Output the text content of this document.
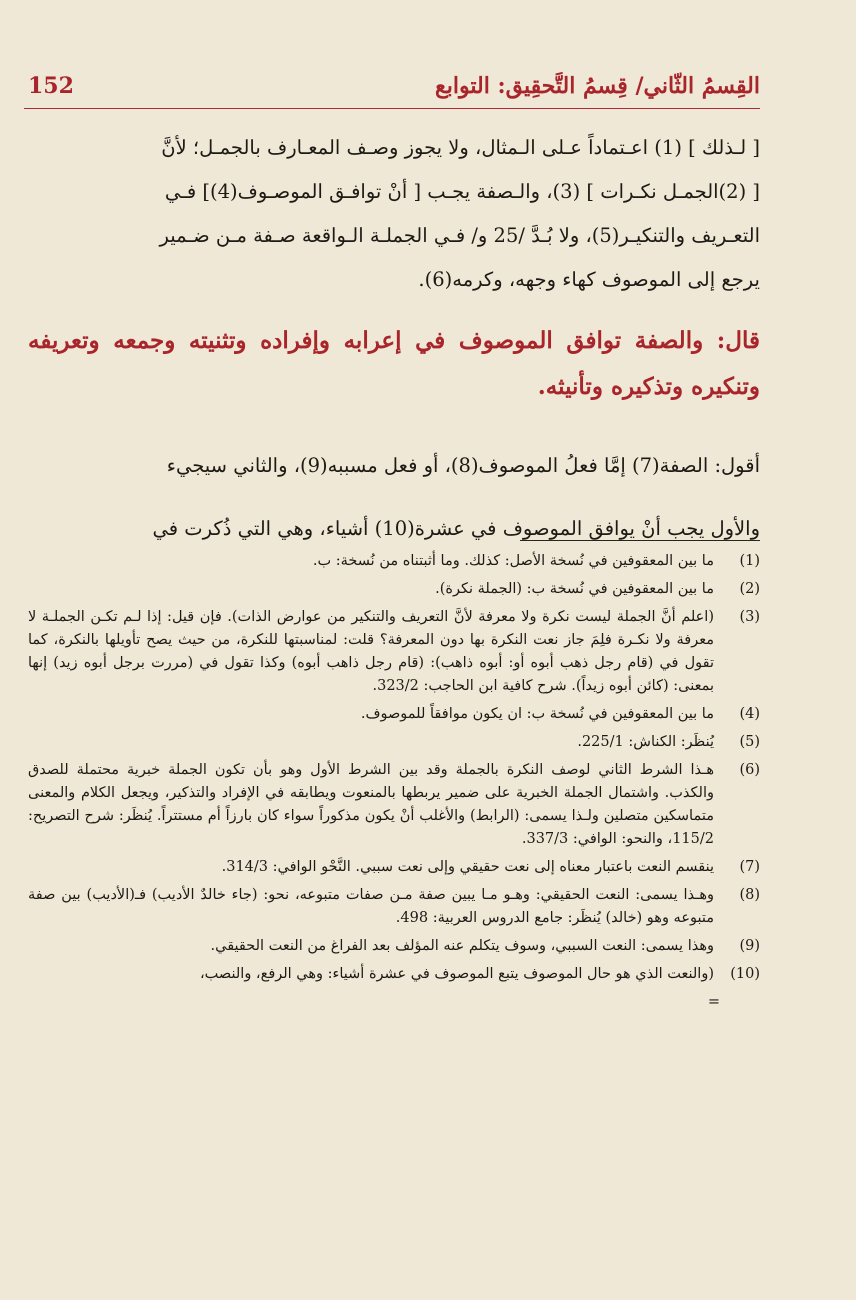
القِسمُ الثّاني/ قِسمُ التَّحقِيق: التوابع
152

[ لـذلك ] (1) اعـتماداً عـلى الـمثال، ولا يجوز وصـف المعـارف بالجمـل؛ لأنَّ

[ (2)الجمـل نكـرات ] (3)، والـصفة يجـب [ أنْ توافـق الموصـوف(4)] فـي

التعـريف والتنكيـر(5)، ولا بُـدَّ /25 و/ فـي الجملـة الـواقعة صـفة مـن ضـمير

يرجع إلى الموصوف كهاء وجهه، وكرمه(6).

قال: والصفة توافق الموصوف في إعرابه وإفراده وتثنيته وجمعه وتعريفه وتنكيره وتذكيره وتأنيثه.

أقول: الصفة(7) إمَّا فعلُ الموصوف(8)، أو فعل مسببه(9)، والثاني سيجيء

والأول يجب أنْ يوافق الموصوف في عشرة(10) أشياء، وهي التي ذُكرت في

(1)
ما بين المعقوفين في نُسخة الأصل: كذلك. وما أثبتناه من نُسخة: ب.
(2)
ما بين المعقوفين في نُسخة ب: (الجملة نكرة).
(3)
(اعلم أنَّ الجملة ليست نكرة ولا معرفة لأنَّ التعريف والتنكير من عوارض الذات). فإن قيل: إذا لـم تكـن الجملـة لا معرفة ولا نكـرة فلِمَ جاز نعت النكرة بها دون المعرفة؟ قلت: لمناسبتها للنكرة، من حيث يصح تأويلها بالنكرة، كما تقول في (قام رجل ذهب أبوه أو: أبوه ذاهب): (قام رجل ذاهب أبوه) وكذا تقول في (مررت برجل أبوه زيد) إنها بمعنى: (كائن أبوه زيداً). شرح كافية ابن الحاجب: 323/2.
(4)
ما بين المعقوفين في نُسخة ب: ان يكون موافقاً للموصوف.
(5)
يُنظَر: الكناش: 225/1.
(6)
هـذا الشرط الثاني لوصف النكرة بالجملة وقد بين الشرط الأول وهو بأن تكون الجملة خبرية محتملة للصدق والكذب. واشتمال الجملة الخبرية على ضمير يربطها بالمنعوت ويطابقه في الإفراد والتذكير، ويجعل الكلام والمعنى متماسكين متصلين ولـذا يسمى: (الرابط) والأغلب أنْ يكون مذكوراً سواء كان بارزاً أم مستتراً. يُنظَر: شرح التصريح: 115/2، والنحو: الوافي: 337/3.
(7)
ينقسم النعت باعتبار معناه إلى نعت حقيقي وإلى نعت سببي. النَّحْو الوافي: 314/3.
(8)
وهـذا يسمى: النعت الحقيقي: وهـو مـا يبين صفة مـن صفات متبوعه، نحو: (جاء خالدٌ الأديب) فـ(الأديب) بين صفة متبوعه وهو (خالد) يُنظَر: جامع الدروس العربية: 498.
(9)
وهذا يسمى: النعت السببي، وسوف يتكلم عنه المؤلف بعد الفراغ من النعت الحقيقي.
(10)
(والنعت الذي هو حال الموصوف يتبع الموصوف في عشرة أشياء: وهي الرفع، والنصب،
=
